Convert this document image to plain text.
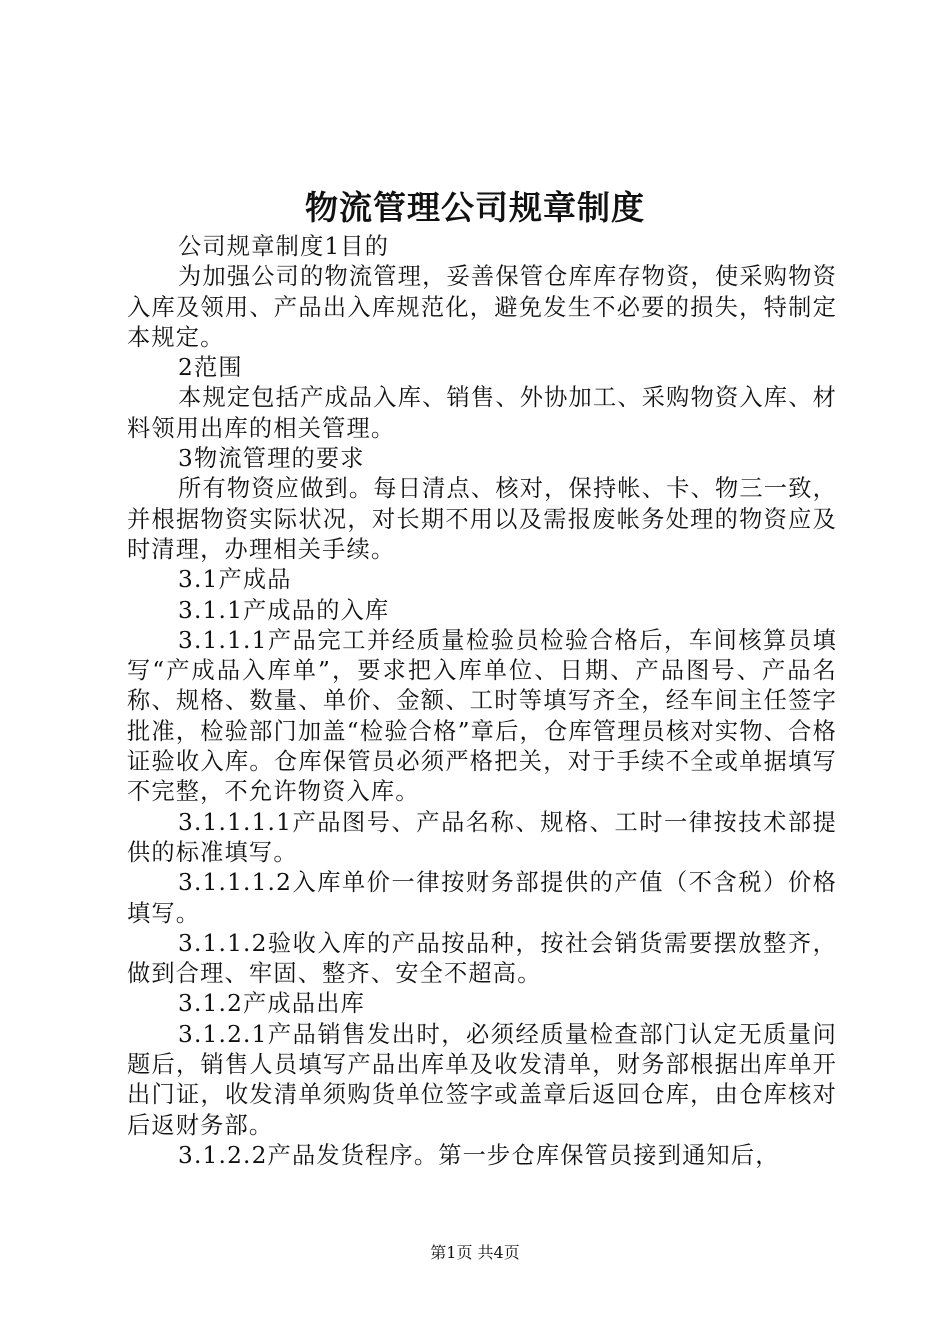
物流管理公司规章制度

公司规章制度1目的

为加强公司的物流管理，妥善保管仓库库存物资，使采购物资入库及领用、产品出入库规范化，避免发生不必要的损失，特制定本规定。

2范围

本规定包括产成品入库、销售、外协加工、采购物资入库、材料领用出库的相关管理。

3物流管理的要求

所有物资应做到。每日清点、核对，保持帐、卡、物三一致，并根据物资实际状况，对长期不用以及需报废帐务处理的物资应及时清理，办理相关手续。

3.1产成品

3.1.1产成品的入库

3.1.1.1产品完工并经质量检验员检验合格后，车间核算员填写“产成品入库单”，要求把入库单位、日期、产品图号、产品名称、规格、数量、单价、金额、工时等填写齐全，经车间主任签字批准，检验部门加盖“检验合格”章后，仓库管理员核对实物、合格证验收入库。仓库保管员必须严格把关，对于手续不全或单据填写不完整，不允许物资入库。

3.1.1.1.1产品图号、产品名称、规格、工时一律按技术部提供的标准填写。

3.1.1.1.2入库单价一律按财务部提供的产值（不含税）价格填写。

3.1.1.2验收入库的产品按品种，按社会销货需要摆放整齐，做到合理、牢固、整齐、安全不超高。

3.1.2产成品出库

3.1.2.1产品销售发出时，必须经质量检查部门认定无质量问题后，销售人员填写产品出库单及收发清单，财务部根据出库单开出门证，收发清单须购货单位签字或盖章后返回仓库，由仓库核对后返财务部。

3.1.2.2产品发货程序。第一步仓库保管员接到通知后，

第1页 共4页
